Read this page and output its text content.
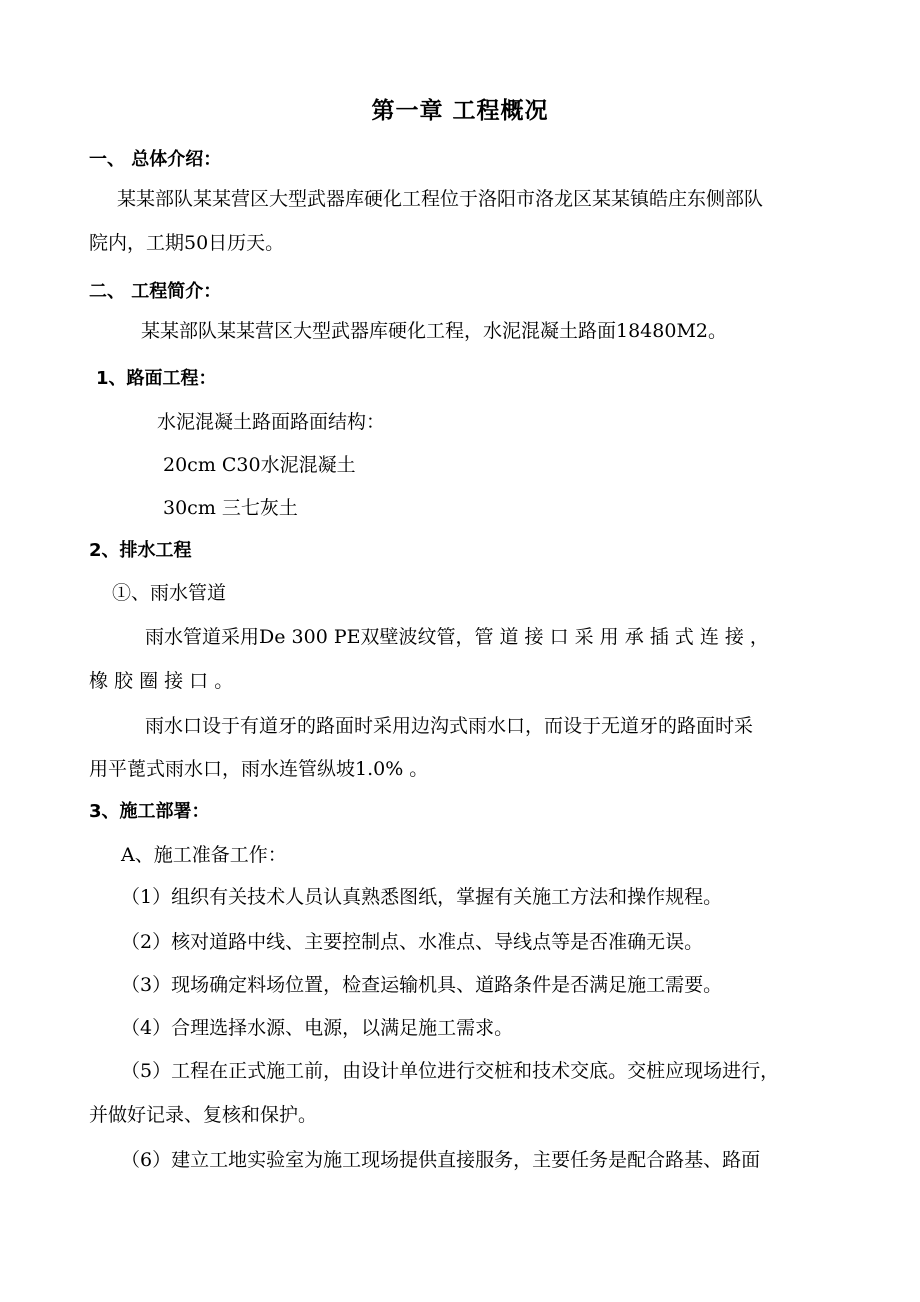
第一章 工程概况
一、 总体介绍：
某某部队某某营区大型武器库硬化工程位于洛阳市洛龙区某某镇皓庄东侧部队
院内，工期50日历天。
二、 工程简介：
某某部队某某营区大型武器库硬化工程，水泥混凝土路面18480M2。
1、路面工程：
水泥混凝土路面路面结构：
20cm C30水泥混凝土
30cm 三七灰土
2、排水工程
①、雨水管道
雨水管道采用De 300 PE双壁波纹管，管 道 接 口 采 用 承 插 式 连 接 ，
橡 胶 圈 接 口 。
雨水口设于有道牙的路面时采用边沟式雨水口，而设于无道牙的路面时采
用平蓖式雨水口，雨水连管纵坡1.0% 。
3、施工部署：
A、施工准备工作：
（1）组织有关技术人员认真熟悉图纸，掌握有关施工方法和操作规程。
（2）核对道路中线、主要控制点、水准点、导线点等是否准确无误。
（3）现场确定料场位置，检查运输机具、道路条件是否满足施工需要。
（4）合理选择水源、电源，以满足施工需求。
（5）工程在正式施工前，由设计单位进行交桩和技术交底。交桩应现场进行，
并做好记录、复核和保护。
（6）建立工地实验室为施工现场提供直接服务，主要任务是配合路基、路面
